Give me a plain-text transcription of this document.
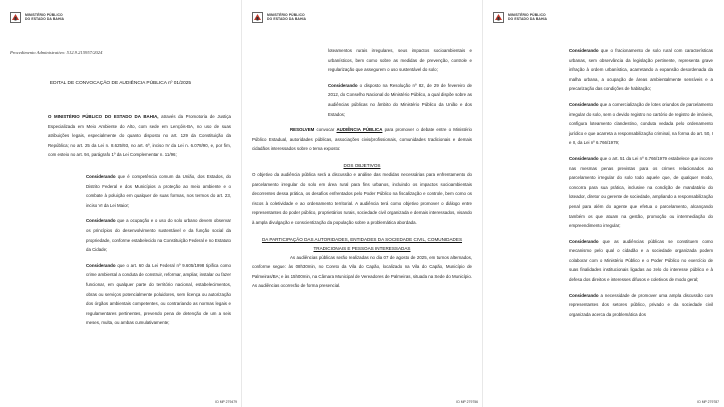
MINISTÉRIO PÚBLICO
DO ESTADO DA BAHIA
Procedimento Administrativo: 512.9.215957/2024
EDITAL DE CONVOCAÇÃO DE AUDIÊNCIA PÚBLICA nº 01/2025

O MINISTÉRIO PÚBLICO DO ESTADO DA BAHIA, através da Promotoria de Justiça Especializada em Meio Ambiente do Alto, com sede em Lençóis-BA, no uso de suas atribuições legais, especialmente do quanto disposto no art. 129 da Constituição da República; no art. 25 da Lei n. 8.625/93, no art. 6º, inciso IV da Lei n. 6.078/90, e, por fim, com esteio no art. 94, parágrafo 1º da Lei Complementar n. 11/96;

Considerando que é competência comum da União, dos Estados, do Distrito Federal e dos Municípios a proteção ao meio ambiente e o combate à poluição em qualquer de suas formas, nos termos do art. 23, inciso VI da Lei Maior;

Considerando que a ocupação e o uso do solo urbano devem observar os princípios do desenvolvimento sustentável e da função social da propriedade, conforme estabelecido na Constituição Federal e no Estatuto da Cidade;

Considerando que o art. 60 da Lei Federal nº 9.605/1998 tipifica como crime ambiental a conduta de construir, reformar, ampliar, instalar ou fazer funcionar, em qualquer parte do território nacional, estabelecimentos, obras ou serviços potencialmente poluidores, sem licença ou autorização dos órgãos ambientais competentes, ou contrariando as normas legais e regulamentares pertinentes, prevendo pena de detenção de um a seis meses, multa, ou ambas cumulativamente;

ID MP 279479
MINISTÉRIO PÚBLICO
DO ESTADO DA BAHIA

loteamentos rurais irregulares, seus impactos socioambientais e urbanísticos, bem como sobre as medidas de prevenção, controle e regularização que assegurem o uso sustentável do solo;

Considerando o disposto na Resolução nº 82, de 29 de fevereiro de 2012, do Conselho Nacional do Ministério Público, a qual dispõe sobre as audiências públicas no âmbito do Ministério Público da União e dos Estados;

RESOLVEM convocar AUDIÊNCIA PÚBLICA para promover o debate entre o Ministério Público Estadual, autoridades públicas, associações civis/profissionais, comunidades tradicionais e demais cidadãos interessados sobre o tema exposto:

DOS OBJETIVOS

O objetivo da audiência pública será a discussão e análise das medidas necessárias para enfrentamento do parcelamento irregular do solo em área rural para fins urbanos, incluindo os impactos socioambientais decorrentes dessa prática, os desafios enfrentados pelo Poder Público na fiscalização e controle, bem como os riscos à coletividade e ao ordenamento territorial. A audiência terá como objetivo promover o diálogo entre representantes do poder público, proprietários rurais, sociedade civil organizada e demais interessados, visando à ampla divulgação e conscientização da população sobre a problemática abordada.

DA PARTICIPAÇÃO DAS AUTORIDADES, ENTIDADES DA SOCIEDADE CIVIL, COMUNIDADES TRADICIONAIS E PESSOAS INTERESSADAS

As audiências públicas serão realizadas no dia 07 de agosto de 2025, em turnos alternados, conforme segue: às 08h30min, no Coreto da Vila do Capão, localizado na Vila do Capão, Município de Palmeiras/BA; e às 15h00min, na Câmara Municipal de Vereadores de Palmeiras, situada na Sede do Município. As audiências ocorrerão de forma presencial.

ID MP 279756
MINISTÉRIO PÚBLICO
DO ESTADO DA BAHIA

Considerando que o fracionamento de solo rural com características urbanas, sem observância da legislação pertinente, representa grave infração à ordem urbanística, acarretando a expansão desordenada da malha urbana, a ocupação de áreas ambientalmente sensíveis e a precarização das condições de habitação;

Considerando que a comercialização de lotes oriundos de parcelamento irregular do solo, sem o devido registro no cartório de registro de imóveis, configura loteamento clandestino, conduta vedada pelo ordenamento jurídico e que acarreta a responsabilização criminal, na forma do art. 50, I e II, da Lei nº 6.766/1979;

Considerando que o art. 51 da Lei nº 6.766/1979 estabelece que incorre nas mesmas penas previstas para os crimes relacionados ao parcelamento irregular do solo todo aquele que, de qualquer modo, concorra para sua prática, inclusive na condição de mandatário do loteador, diretor ou gerente de sociedade, ampliando a responsabilização penal para além do agente que efetua o parcelamento, alcançando também os que atuam na gestão, promoção ou intermediação do empreendimento irregular;

Considerando que as audiências públicas se constituem como mecanismo pelo qual o cidadão e a sociedade organizada podem colaborar com o Ministério Público e o Poder Público no exercício de suas finalidades institucionais ligadas ao zelo do interesse público e à defesa dos direitos e interesses difusos e coletivos de modo geral;

Considerando a necessidade de promover uma ampla discussão com representantes dos setores público, privado e da sociedade civil organizada acerca da problemática dos

ID MP 279787
